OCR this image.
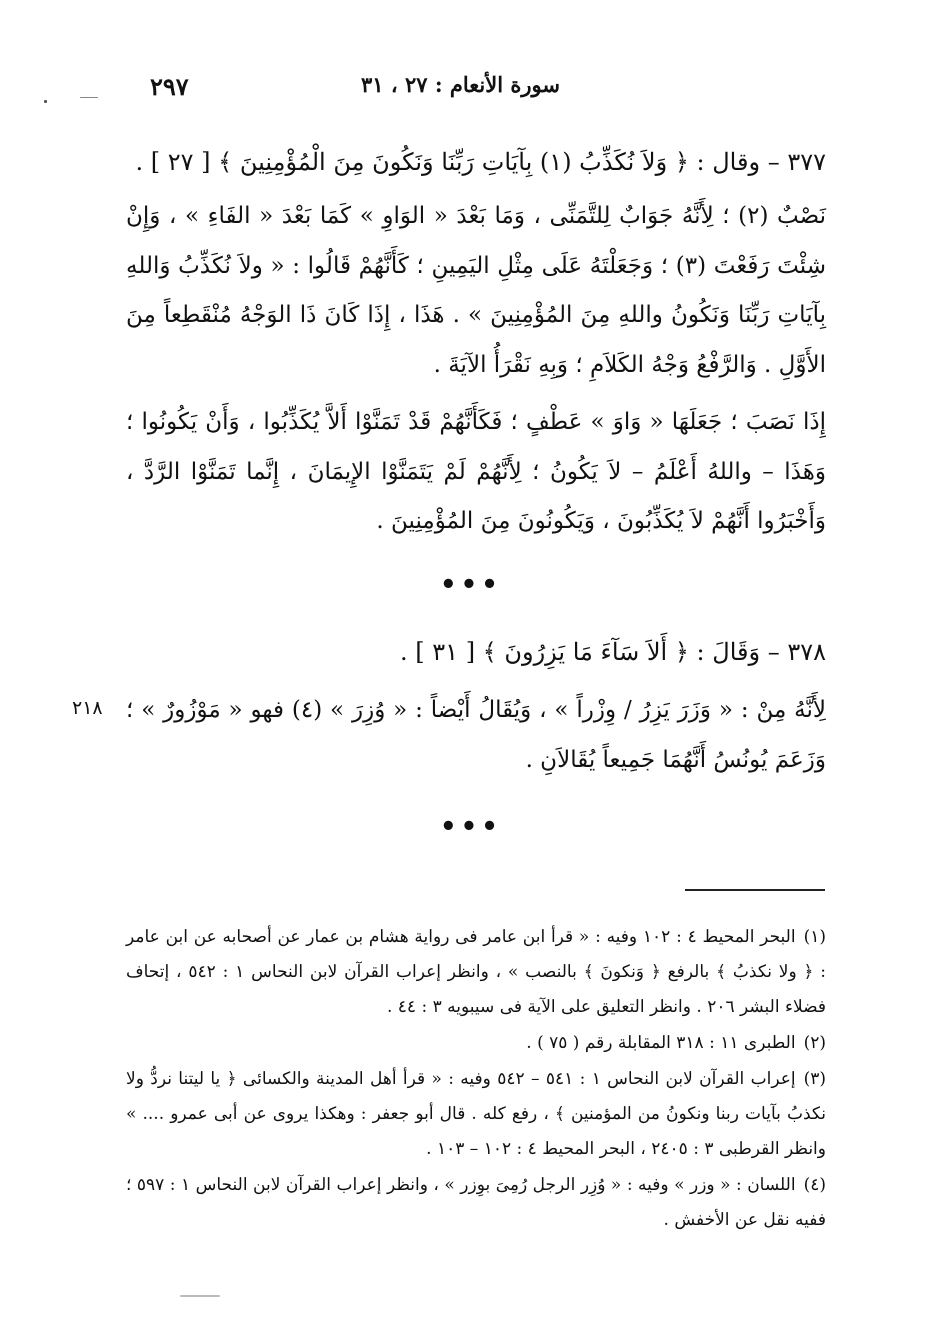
٢٩٧	سورة الأنعام : ٢٧ ، ٣١
٣٧٧ – وقال : ﴿ وَلاَ نُكَذِّبُ (١) بِآيَاتِ رَبِّنَا وَنَكُونَ مِنَ الْمُؤْمِنِينَ ﴾ [ ٢٧ ] .
نَصْبٌ (٢) ؛ لِأَنَّهُ جَوَابٌ لِلتَّمَنِّى ، وَمَا بَعْدَ « الوَاوِ » كَمَا بَعْدَ « الفَاءِ » ، وَإِنْ شِئْتَ رَفَعْتَ (٣) ؛ وَجَعَلْتَهُ عَلَى مِثْلِ اليَمِينِ ؛ كَأَنَّهُمْ قَالُوا : « ولاَ نُكَذِّبُ وَاللهِ بِآيَاتِ رَبِّنَا وَنَكُونُ واللهِ مِنَ المُؤْمِنِينَ » . هَذَا ، إِذَا كَانَ ذَا الوَجْهُ مُنْقَطِعاً مِنَ الأَوَّلِ . وَالرَّفْعُ وَجْهُ الكَلاَمِ ؛ وَبِهِ نَقْرَأُ الآيَةَ .
إِذَا نَصَبَ ؛ جَعَلَهَا « وَاوَ » عَطْفٍ ؛ فَكَأَنَّهُمْ قَدْ تَمَنَّوْا أَلاَّ يُكَذِّبُوا ، وَأَنْ يَكُونُوا ؛ وَهَذَا – واللهُ أَعْلَمُ – لاَ يَكُونُ ؛ لِأَنَّهُمْ لَمْ يَتَمَنَّوْا الإِيمَانَ ، إِنَّما تَمَنَّوْا الرَّدَّ ، وَأَخْبَرُوا أَنَّهُمْ لاَ يُكَذِّبُونَ ، وَيَكُونُونَ مِنَ المُؤْمِنِينَ .
•••
٣٧٨ – وَقَالَ : ﴿ أَلاَ سَآءَ مَا يَزِرُونَ ﴾ [ ٣١ ] .
لِأَنَّهُ مِنْ : « وَزَرَ يَزِرُ / وِزْراً » ، وَيُقَالُ أَيْضاً : « وُزِرَ » (٤) فهو « مَوْزُورٌ » ؛ وَزَعَمَ يُونُسُ أَنَّهُمَا جَمِيعاً يُقَالاَنِ .
٢١٨
•••

(١)البحر المحيط ٤ : ١٠٢ وفيه : « قرأ ابن عامر فى رواية هشام بن عمار عن أصحابه عن ابن عامر : ﴿ ولا نكذبُ ﴾ بالرفع ﴿ وَنكونَ ﴾ بالنصب » ، وانظر إعراب القرآن لابن النحاس ١ : ٥٤٢ ، إتحاف فضلاء البشر ٢٠٦ . وانظر التعليق على الآية فى سيبويه ٣ : ٤٤ .

(٢)الطبرى ١١ : ٣١٨ المقابلة رقم ( ٧٥ ) .

(٣)إعراب القرآن لابن النحاس ١ : ٥٤١ – ٥٤٢ وفيه : « قرأ أهل المدينة والكسائى ﴿ يا ليتنا نردُّ ولا نكذبُ بآيات ربنا ونكونُ من المؤمنين ﴾ ، رفع كله . قال أبو جعفر : وهكذا يروى عن أبى عمرو .... » وانظر القرطبى ٣ : ٢٤٠٥ ، البحر المحيط ٤ : ١٠٢ – ١٠٣ .

(٤)اللسان : « وزر » وفيه : « وُزِر الرجل رُمِىَ بوِزر » ، وانظر إعراب القرآن لابن النحاس ١ : ٥٩٧ ؛ ففيه نقل عن الأخفش .
